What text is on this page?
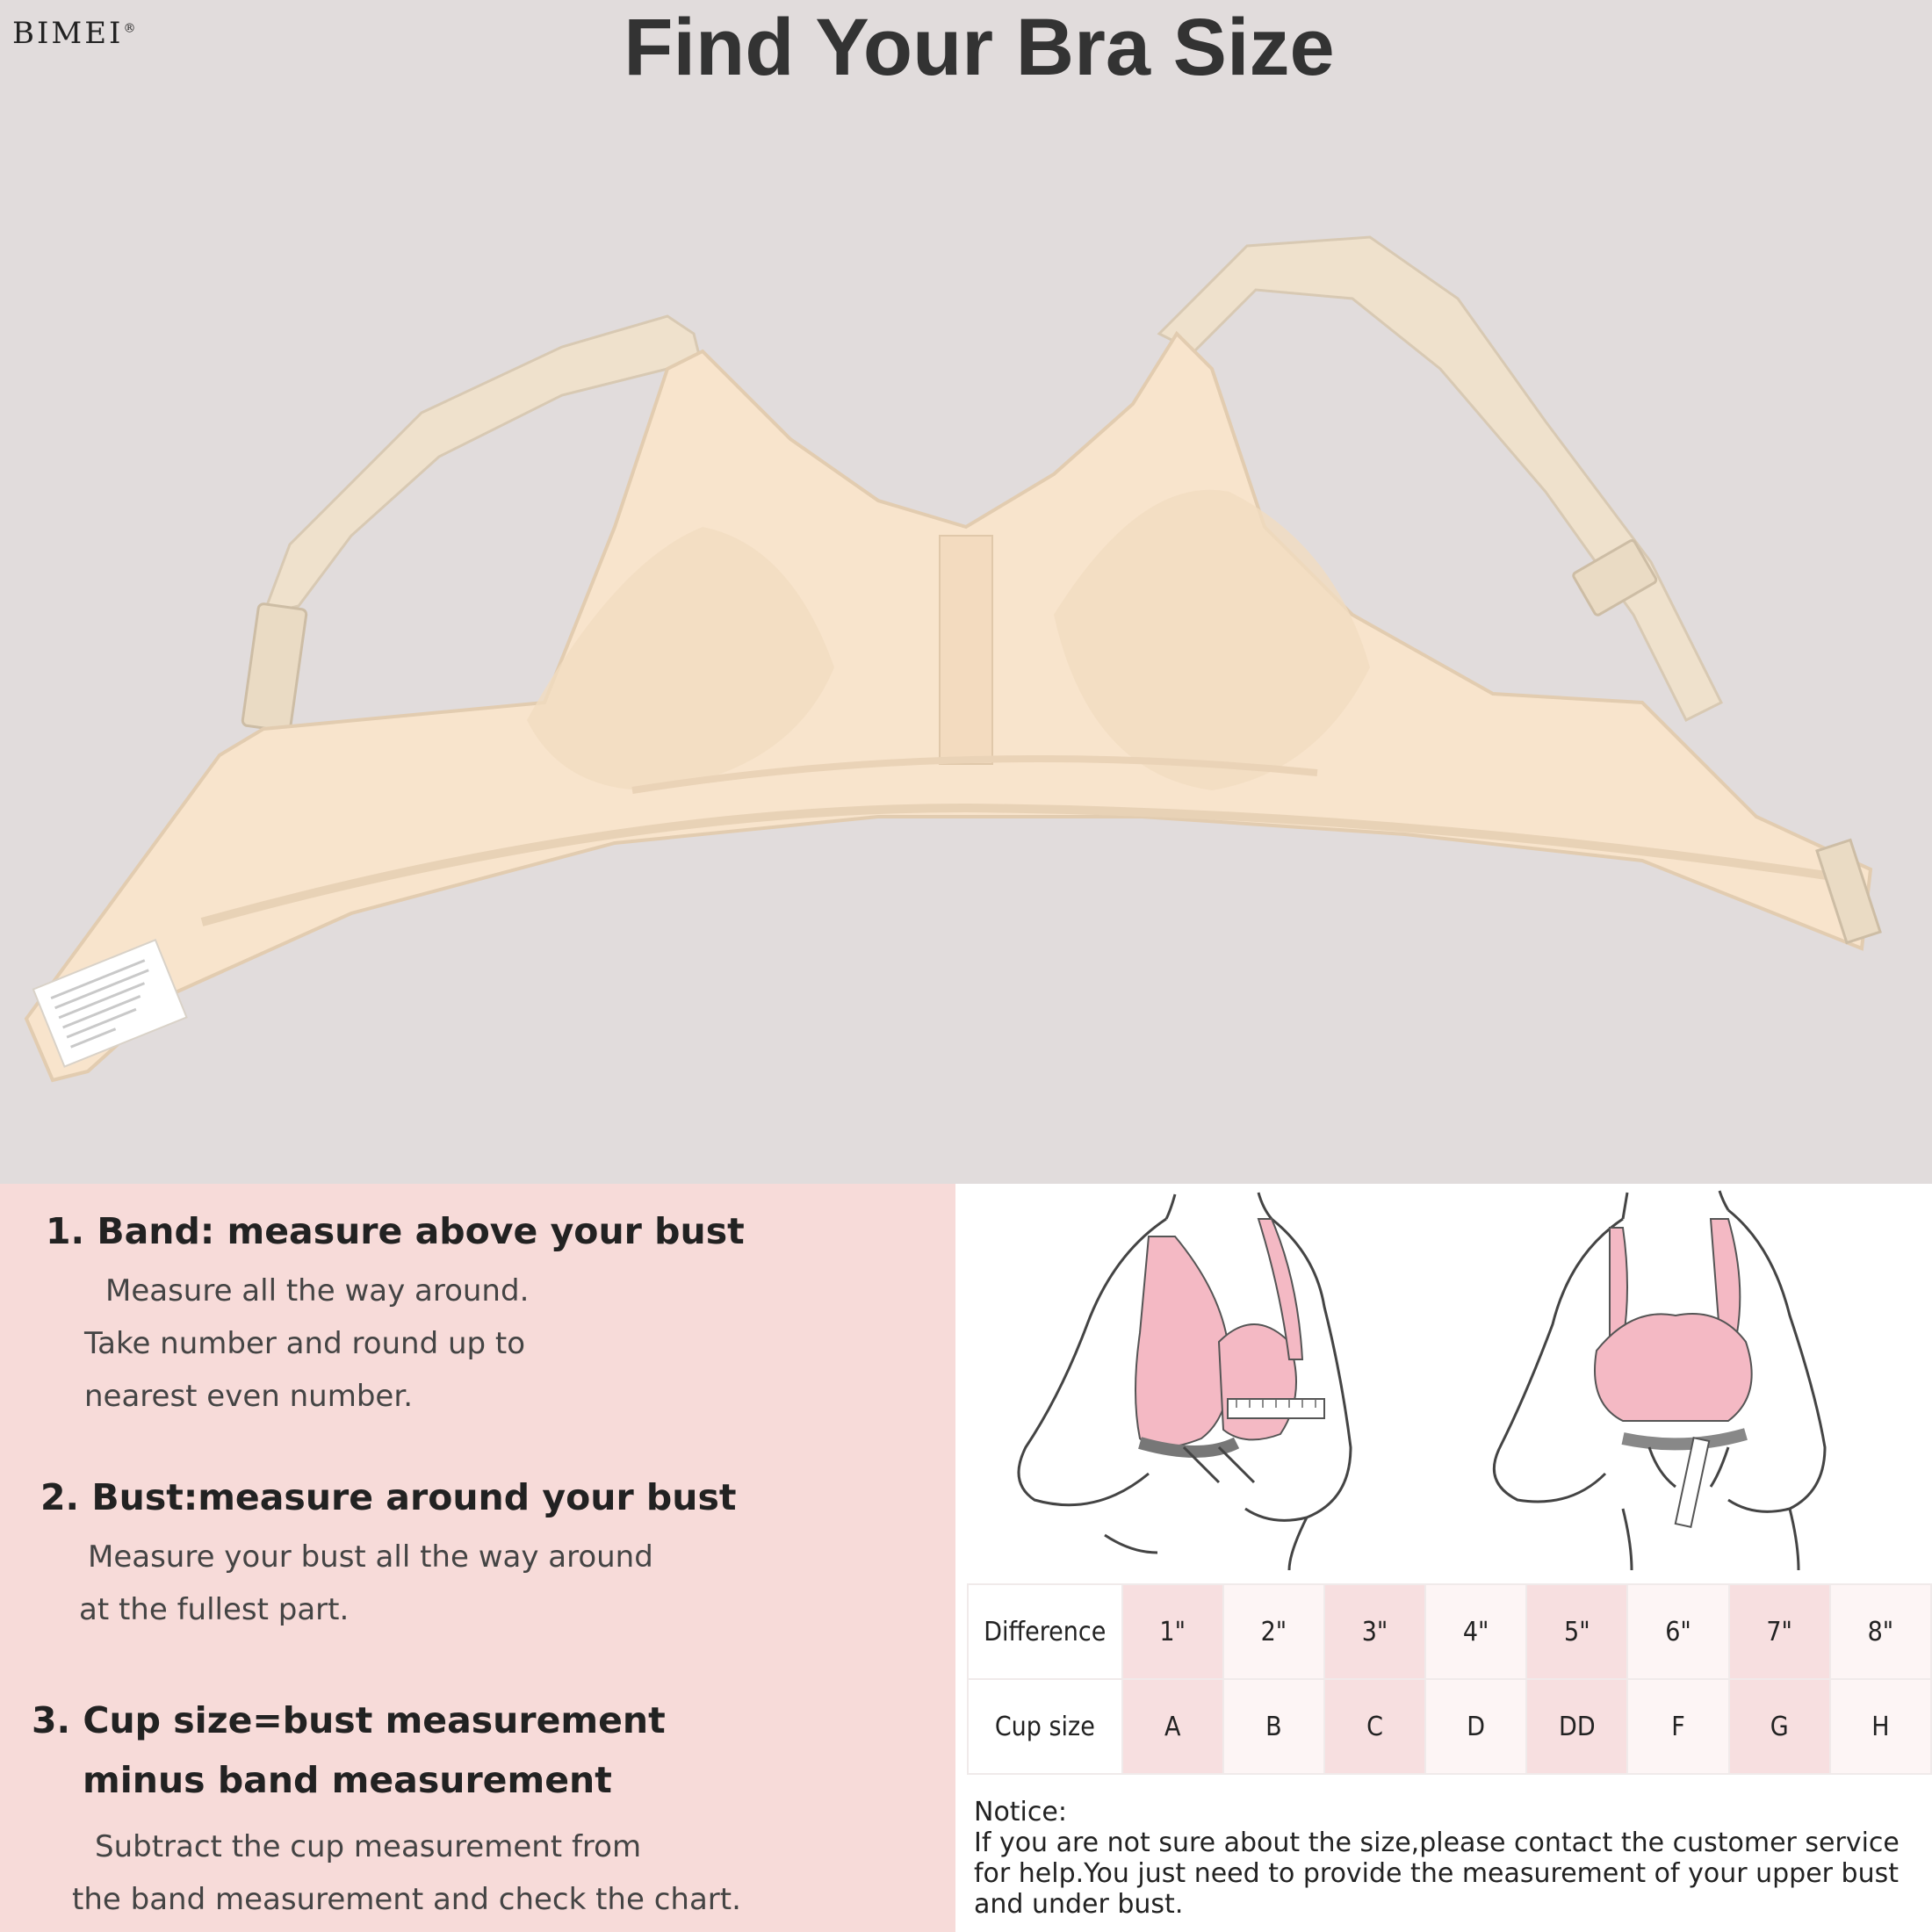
BIMEI®	Find Your Bra Size
1. Band: measure above your bust
Measure all the way around.
Take number and round up to
nearest even number.
2. Bust:measure around your bust
Measure your bust all the way around
at the fullest part.
3. Cup size=bust measurement
minus band measurement
Subtract the cup measurement from
the band measurement and check the chart.
Difference	1"	2"	3"	4"	5"	6"	7"	8"
Cup size	A	B	C	D	DD	F	G	H
Notice:
If you are not sure about the size,please contact the customer service for help.You just need to provide the measurement of your upper bust and under bust.
